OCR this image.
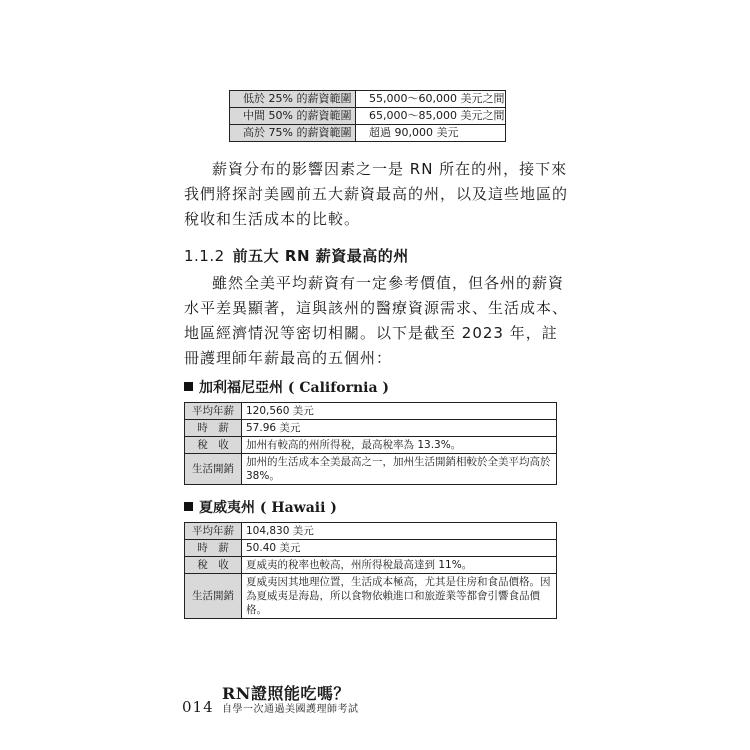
低於 25% 的薪資範圍	55,000～60,000 美元之間
中間 50% 的薪資範圍	65,000～85,000 美元之間
高於 75% 的薪資範圍	超過 90,000 美元

薪資分布的影響因素之一是 RN 所在的州，接下來我們將探討美國前五大薪資最高的州，以及這些地區的稅收和生活成本的比較。

1.1.2 前五大 RN 薪資最高的州

雖然全美平均薪資有一定參考價值，但各州的薪資水平差異顯著，這與該州的醫療資源需求、生活成本、地區經濟情況等密切相關。以下是截至 2023 年，註冊護理師年薪最高的五個州：

加利福尼亞州 ( California )
平均年薪	120,560 美元
時　薪	57.96 美元
稅　收	加州有較高的州所得稅，最高稅率為 13.3%。
生活開銷	加州的生活成本全美最高之一，加州生活開銷相較於全美平均高於 38%。
夏威夷州 ( Hawaii )
平均年薪	104,830 美元
時　薪	50.40 美元
稅　收	夏威夷的稅率也較高，州所得稅最高達到 11%。
生活開銷	夏威夷因其地理位置，生活成本極高，尤其是住房和食品價格。因為夏威夷是海島，所以食物依賴進口和旅遊業等都會引響食品價格。

014

RN證照能吃嗎？

自學一次通過美國護理師考試
